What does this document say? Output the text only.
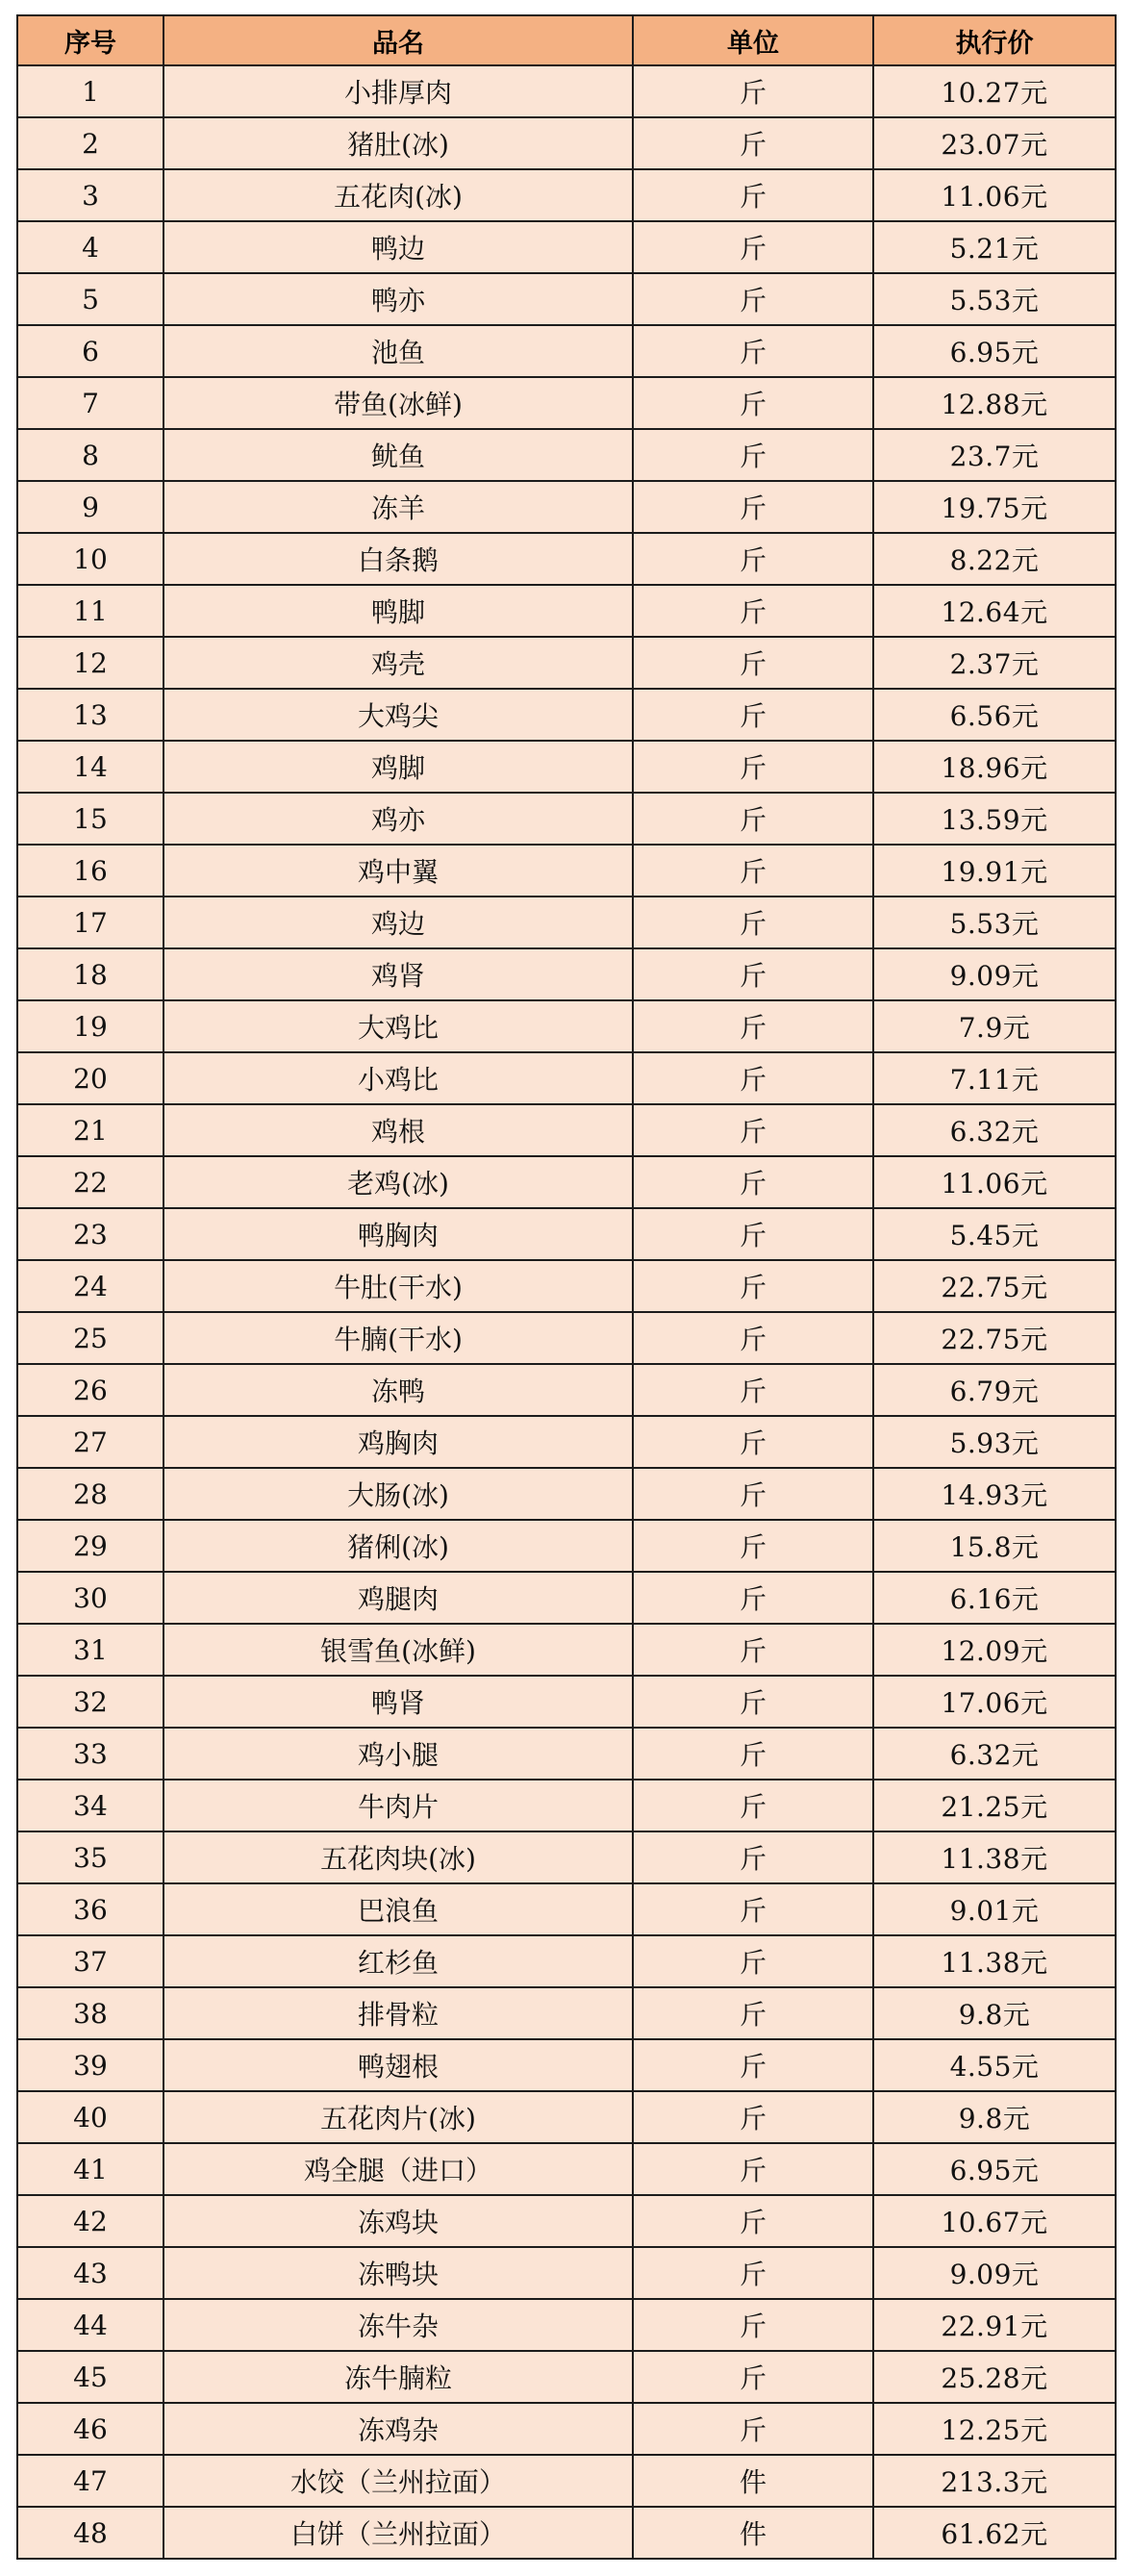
序号	品名	单位	执行价
1	小排厚肉	斤	10.27元
2	猪肚(冰)	斤	23.07元
3	五花肉(冰)	斤	11.06元
4	鸭边	斤	5.21元
5	鸭亦	斤	5.53元
6	池鱼	斤	6.95元
7	带鱼(冰鲜)	斤	12.88元
8	鱿鱼	斤	23.7元
9	冻羊	斤	19.75元
10	白条鹅	斤	8.22元
11	鸭脚	斤	12.64元
12	鸡壳	斤	2.37元
13	大鸡尖	斤	6.56元
14	鸡脚	斤	18.96元
15	鸡亦	斤	13.59元
16	鸡中翼	斤	19.91元
17	鸡边	斤	5.53元
18	鸡肾	斤	9.09元
19	大鸡比	斤	7.9元
20	小鸡比	斤	7.11元
21	鸡根	斤	6.32元
22	老鸡(冰)	斤	11.06元
23	鸭胸肉	斤	5.45元
24	牛肚(干水)	斤	22.75元
25	牛腩(干水)	斤	22.75元
26	冻鸭	斤	6.79元
27	鸡胸肉	斤	5.93元
28	大肠(冰)	斤	14.93元
29	猪俐(冰)	斤	15.8元
30	鸡腿肉	斤	6.16元
31	银雪鱼(冰鲜)	斤	12.09元
32	鸭肾	斤	17.06元
33	鸡小腿	斤	6.32元
34	牛肉片	斤	21.25元
35	五花肉块(冰)	斤	11.38元
36	巴浪鱼	斤	9.01元
37	红杉鱼	斤	11.38元
38	排骨粒	斤	9.8元
39	鸭翅根	斤	4.55元
40	五花肉片(冰)	斤	9.8元
41	鸡全腿（进口）	斤	6.95元
42	冻鸡块	斤	10.67元
43	冻鸭块	斤	9.09元
44	冻牛杂	斤	22.91元
45	冻牛腩粒	斤	25.28元
46	冻鸡杂	斤	12.25元
47	水饺（兰州拉面）	件	213.3元
48	白饼（兰州拉面）	件	61.62元
